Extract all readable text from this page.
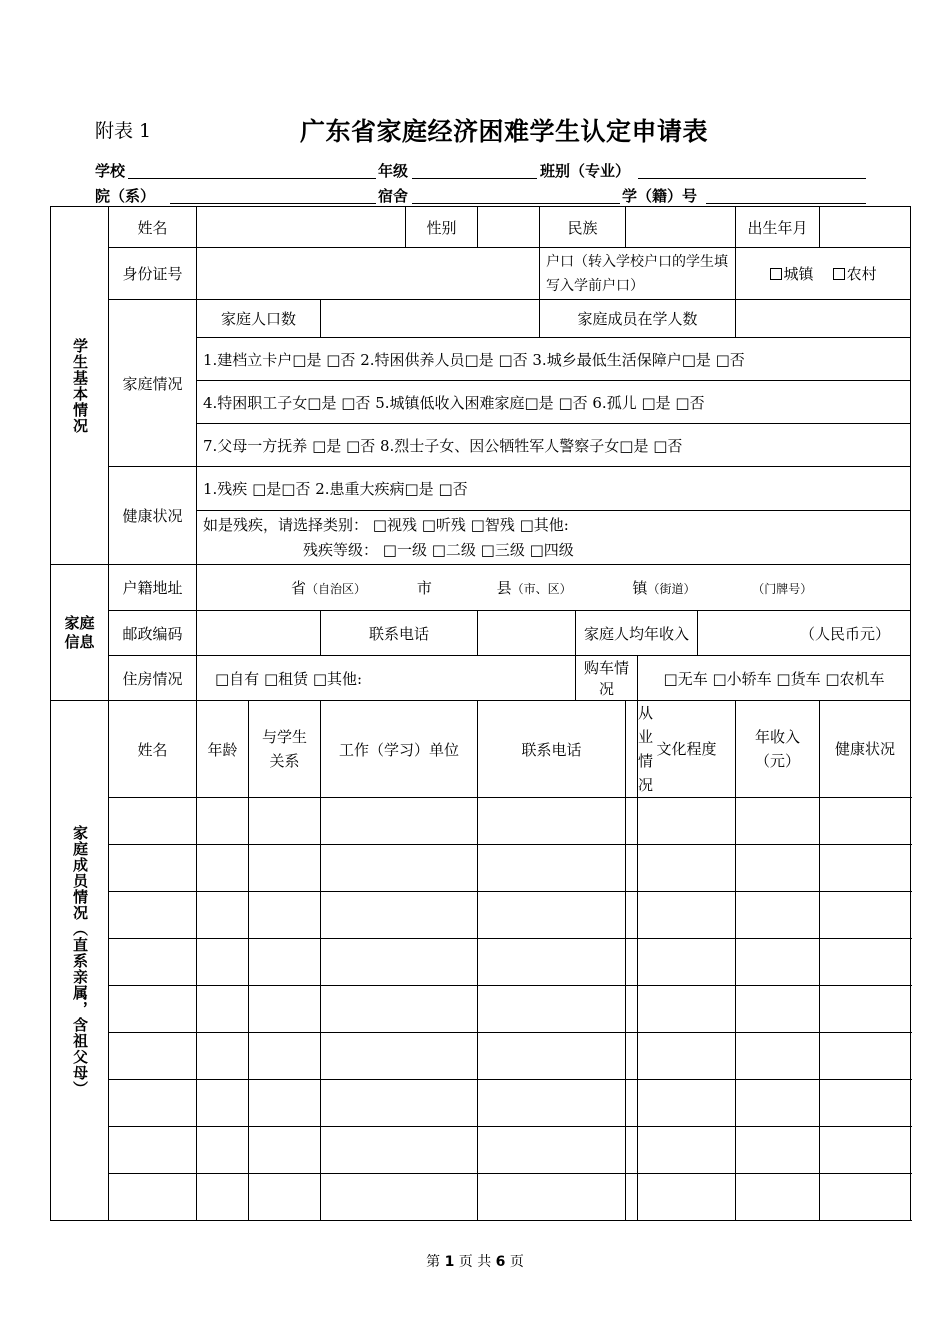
附表 1	广东省家庭经济困难学生认定申请表
学校	年级	班别（专业）
院（系）	宿舍	学（籍）号
学生基本情况	姓名				性别		民族					出生年月	
	身份证号						户口（转入学校户口的学生填写入学前户口）					城镇 农村	
	家庭情况	家庭人口数					家庭成员在学人数						
		1.建档立卡户□是 □否 2.特困供养人员□是 □否 3.城乡最低生活保障户□是 □否											
		4.特困职工子女□是 □否 5.城镇低收入困难家庭□是 □否 6.孤儿 □是 □否											
		7.父母一方抚养 □是 □否 8.烈士子女、因公牺牲军人警察子女□是 □否											
	健康状况	1.残疾 □是□否 2.患重大疾病□是 □否											

		如是残疾，请选择类别： □视残 □听残 □智残 □其他:
残疾等级： □一级 □二级 □三级 □四级											

家庭信息	户籍地址	省（自治区） 市 县（市、区） 镇（街道） （门牌号）											
	邮政编码			联系电话				家庭人均年收入			（人民币元）		
	住房情况	□自有 □租赁 □其他:						购车情况		□无车 □小轿车 □货车 □农机车			

家庭成员情况（直系亲属，含祖父母）	姓名	年龄	与学生关系	工作（学习）单位		联系电话			从业情况	文化程度		年收入（元）	健康状况

第 1 页 共 6 页
